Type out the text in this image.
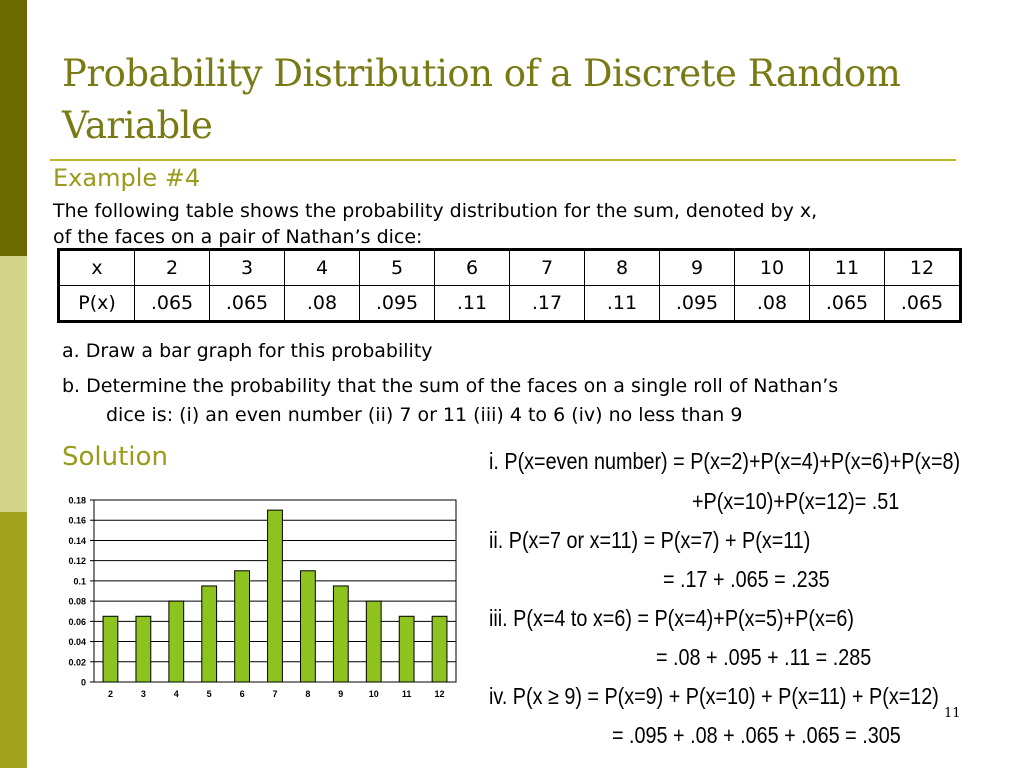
Probability Distribution of a Discrete Random Variable
Example #4
The following table shows the probability distribution for the sum, denoted by x,
of the faces on a pair of Nathan’s dice:
x	2	3	4	5	6	7	8	9	10	11	12
P(x)	.065	.065	.08	.095	.11	.17	.11	.095	.08	.065	.065
a. Draw a bar graph for this probability
b. Determine the probability that the sum of the faces on a single roll of Nathan’s
dice is: (i) an even number (ii) 7 or 11 (iii) 4 to 6 (iv) no less than 9
Solution
0
0.02
0.04
0.06
0.08
0.1
0.12
0.14
0.16
0.18
2	3	4	5	6	7	8	9	10	11	12
i. P(x=even number) = P(x=2)+P(x=4)+P(x=6)+P(x=8)
+P(x=10)+P(x=12)= .51
ii. P(x=7 or x=11) = P(x=7) + P(x=11)
= .17 + .065 = .235
iii. P(x=4 to x=6) = P(x=4)+P(x=5)+P(x=6)
= .08 + .095 + .11 = .285
iv. P(x ≥ 9) = P(x=9) + P(x=10) + P(x=11) + P(x=12)
= .095 + .08 + .065 + .065 = .305
11
